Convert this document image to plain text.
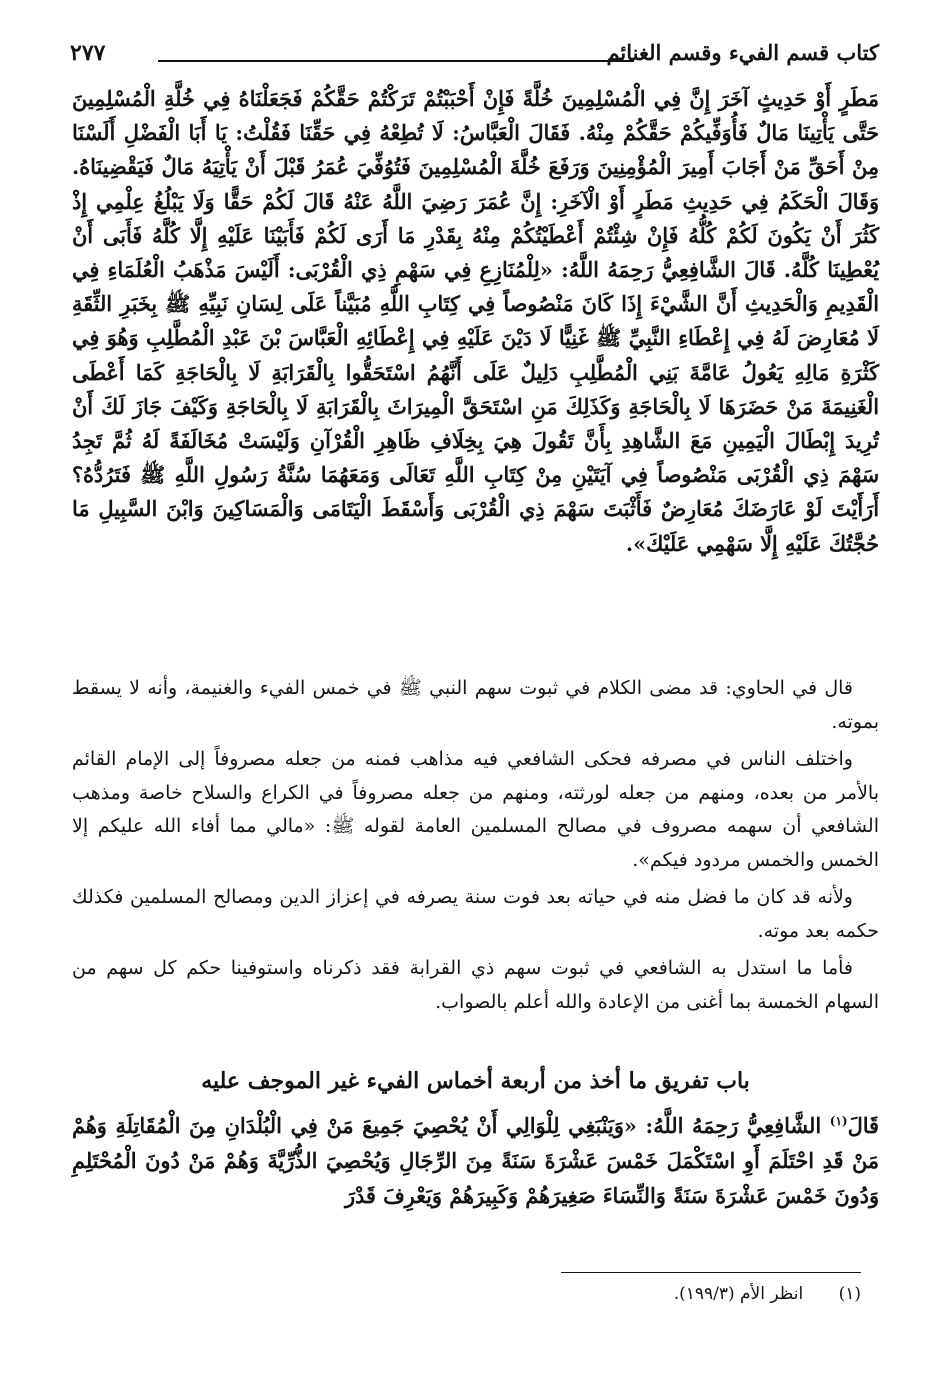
كتاب قسم الفيء وقسم الغنائم
٢٧٧

مَطَرٍ أَوْ حَدِيثٍ آخَرَ إِنَّ فِي الْمُسْلِمِينَ خُلَّةً فَإِنْ أَحْبَبْتُمْ تَرَكْتُمْ حَقَّكُمْ فَجَعَلْنَاهُ فِي خُلَّةِ الْمُسْلِمِينَ حَتَّى يَأْتِينَا مَالٌ فَأُوَفِّيكُمْ حَقَّكُمْ مِنْهُ. فَقَالَ الْعَبَّاسُ: لَا تُطِعْهُ فِي حَقِّنَا فَقُلْتُ: يَا أَبَا الْفَضْلِ أَلَسْنَا مِنْ أَحَقِّ مَنْ أَجَابَ أَمِيرَ الْمُؤْمِنِينَ وَرَفَعَ خُلَّةَ الْمُسْلِمِينَ فَتُوُفِّيَ عُمَرُ قَبْلَ أَنْ يَأْتِيَهُ مَالٌ فَيَقْضِينَاهُ. وَقَالَ الْحَكَمُ فِي حَدِيثِ مَطَرٍ أَوْ الْآخَرِ: إِنَّ عُمَرَ رَضِيَ اللَّهُ عَنْهُ قَالَ لَكُمْ حَقًّا وَلَا يَبْلُغُ عِلْمِي إِذْ كَثُرَ أَنْ يَكُونَ لَكُمْ كُلُّهُ فَإِنْ شِئْتُمْ أَعْطَيْتُكُمْ مِنْهُ بِقَدْرِ مَا أَرَى لَكُمْ فَأَبَيْنَا عَلَيْهِ إِلَّا كُلَّهُ فَأَبَى أَنْ يُعْطِينَا كُلَّهُ. قَالَ الشَّافِعِيُّ رَحِمَهُ اللَّهُ: «لِلْمُنَازِعِ فِي سَهْمِ ذِي الْقُرْبَى: أَلَيْسَ مَذْهَبُ الْعُلَمَاءِ فِي الْقَدِيمِ وَالْحَدِيثِ أَنَّ الشَّيْءَ إِذَا كَانَ مَنْصُوصاً فِي كِتَابِ اللَّهِ مُبَيَّناً عَلَى لِسَانِ نَبِيِّهِ ﷺ بِخَبَرِ الثِّقَةِ لَا مُعَارِضَ لَهُ فِي إِعْطَاءِ النَّبِيِّ ﷺ غَنِيًّا لَا دَيْنَ عَلَيْهِ فِي إِعْطَائِهِ الْعَبَّاسَ بْنَ عَبْدِ الْمُطَّلِبِ وَهُوَ فِي كَثْرَةِ مَالِهِ يَعُولُ عَامَّةَ بَنِي الْمُطَّلِبِ دَلِيلٌ عَلَى أَنَّهُمُ اسْتَحَقُّوا بِالْقَرَابَةِ لَا بِالْحَاجَةِ كَمَا أَعْطَى الْغَنِيمَةَ مَنْ حَضَرَهَا لَا بِالْحَاجَةِ وَكَذَلِكَ مَنِ اسْتَحَقَّ الْمِيرَاثَ بِالْقَرَابَةِ لَا بِالْحَاجَةِ وَكَيْفَ جَازَ لَكَ أَنْ تُرِيدَ إِبْطَالَ الْيَمِينِ مَعَ الشَّاهِدِ بِأَنَّ تَقُولَ هِيَ بِخِلَافِ ظَاهِرِ الْقُرْآنِ وَلَيْسَتْ مُخَالَفَةً لَهُ ثُمَّ تَجِدُ سَهْمَ ذِي الْقُرْبَى مَنْصُوصاً فِي آيَتَيْنِ مِنْ كِتَابِ اللَّهِ تَعَالَى وَمَعَهُمَا سُنَّةُ رَسُولِ اللَّهِ ﷺ فَتَرُدُّهُ؟ أَرَأَيْتَ لَوْ عَارَضَكَ مُعَارِضٌ فَأَثْبَتَ سَهْمَ ذِي الْقُرْبَى وَأَسْقَطَ الْيَتَامَى وَالْمَسَاكِينَ وَابْنَ السَّبِيلِ مَا حُجَّتُكَ عَلَيْهِ إِلَّا سَهْمِي عَلَيْكَ».

قال في الحاوي: قد مضى الكلام في ثبوت سهم النبي ﷺ في خمس الفيء والغنيمة، وأنه لا يسقط بموته.

واختلف الناس في مصرفه فحكى الشافعي فيه مذاهب فمنه من جعله مصروفاً إلى الإمام القائم بالأمر من بعده، ومنهم من جعله لورثته، ومنهم من جعله مصروفاً في الكراع والسلاح خاصة ومذهب الشافعي أن سهمه مصروف في مصالح المسلمين العامة لقوله ﷺ: «مالي مما أفاء الله عليكم إلا الخمس والخمس مردود فيكم».

ولأنه قد كان ما فضل منه في حياته بعد فوت سنة يصرفه في إعزاز الدين ومصالح المسلمين فكذلك حكمه بعد موته.

فأما ما استدل به الشافعي في ثبوت سهم ذي القرابة فقد ذكرناه واستوفينا حكم كل سهم من السهام الخمسة بما أغنى من الإعادة والله أعلم بالصواب.

باب تفريق ما أخذ من أربعة أخماس الفيء غير الموجف عليه

قَالَ$^{(١)}$ الشَّافِعِيُّ رَحِمَهُ اللَّهُ: «وَيَنْبَغِي لِلْوَالِي أَنْ يُحْصِيَ جَمِيعَ مَنْ فِي الْبُلْدَانِ مِنَ الْمُقَاتِلَةِ وَهُمْ مَنْ قَدِ احْتَلَمَ أَوِ اسْتَكْمَلَ خَمْسَ عَشْرَةَ سَنَةً مِنَ الرِّجَالِ وَيُحْصِيَ الذُّرِّيَّةَ وَهُمْ مَنْ دُونَ الْمُحْتَلِمِ وَدُونَ خَمْسَ عَشْرَةَ سَنَةً وَالنِّسَاءَ صَغِيرَهُمْ وَكَبِيرَهُمْ وَيَعْرِفَ قَدْرَ

(١) انظر الأم (١٩٩/٣).
